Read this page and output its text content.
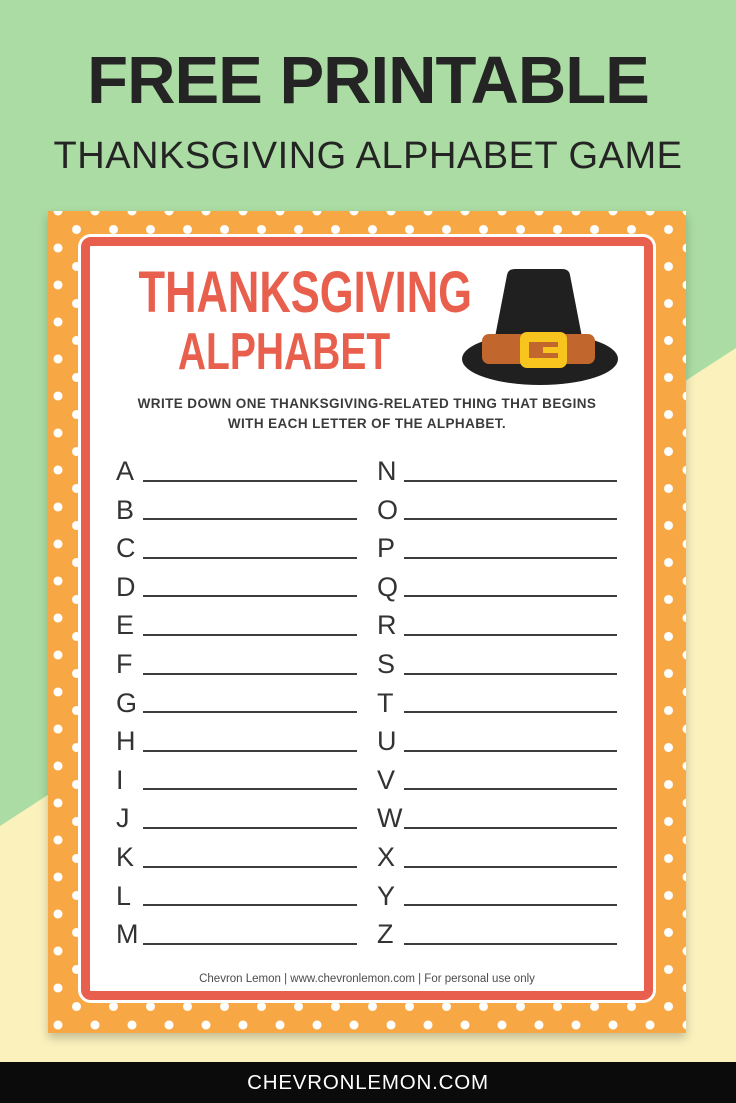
FREE PRINTABLE
THANKSGIVING ALPHABET GAME
THANKSGIVING
ALPHABET
WRITE DOWN ONE THANKSGIVING-RELATED THING THAT BEGINS
WITH EACH LETTER OF THE ALPHABET.
A
B
C
D
E
F
G
H
I
J
K
L
M
N
O
P
Q
R
S
T
U
V
W
X
Y
Z
Chevron Lemon | www.chevronlemon.com | For personal use only
CHEVRONLEMON.COM
